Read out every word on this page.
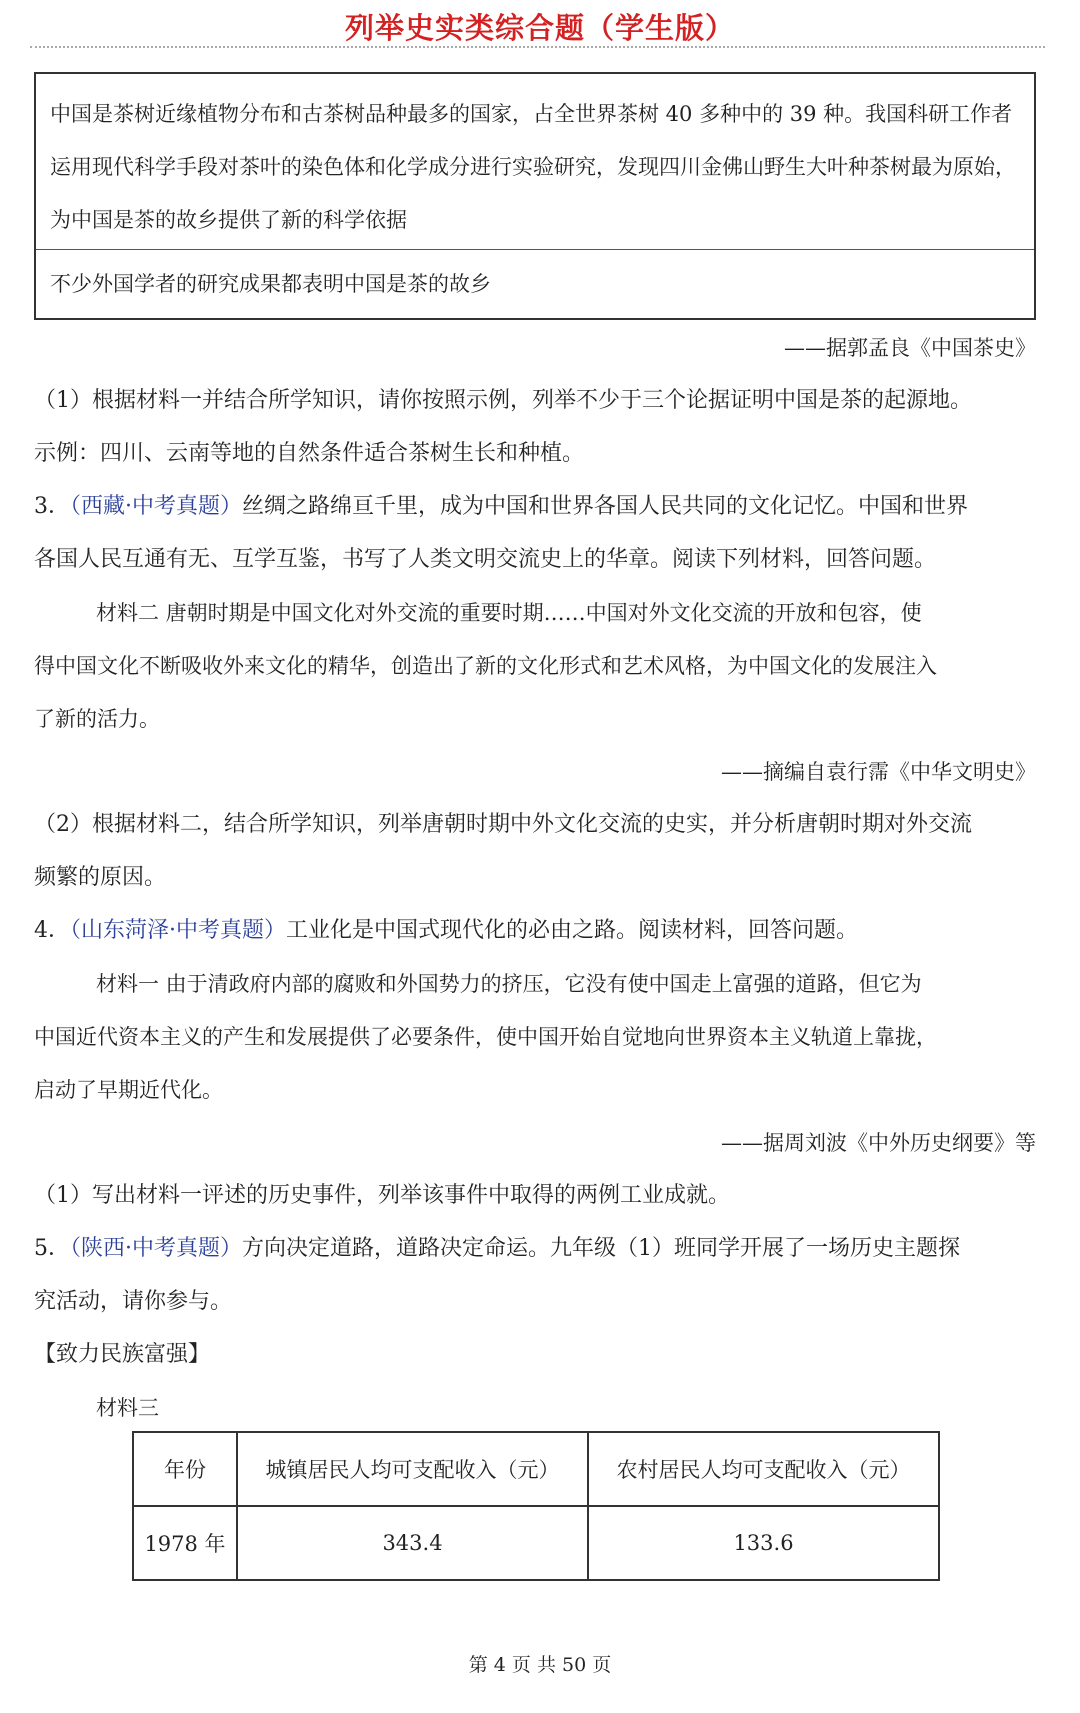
列举史实类综合题（学生版）
中国是茶树近缘植物分布和古茶树品种最多的国家，占全世界茶树 40 多种中的 39 种。我国科研工作者运用现代科学手段对茶叶的染色体和化学成分进行实验研究，发现四川金佛山野生大叶种茶树最为原始，为中国是茶的故乡提供了新的科学依据
不少外国学者的研究成果都表明中国是茶的故乡
——据郭孟良《中国茶史》
（1）根据材料一并结合所学知识，请你按照示例，列举不少于三个论据证明中国是茶的起源地。
示例：四川、云南等地的自然条件适合茶树生长和种植。
3．（西藏·中考真题）丝绸之路绵亘千里，成为中国和世界各国人民共同的文化记忆。中国和世界
各国人民互通有无、互学互鉴，书写了人类文明交流史上的华章。阅读下列材料，回答问题。
材料二 唐朝时期是中国文化对外交流的重要时期……中国对外文化交流的开放和包容，使
得中国文化不断吸收外来文化的精华，创造出了新的文化形式和艺术风格，为中国文化的发展注入
了新的活力。
——摘编自袁行霈《中华文明史》
（2）根据材料二，结合所学知识，列举唐朝时期中外文化交流的史实，并分析唐朝时期对外交流
频繁的原因。
4．（山东菏泽·中考真题）工业化是中国式现代化的必由之路。阅读材料，回答问题。
材料一 由于清政府内部的腐败和外国势力的挤压，它没有使中国走上富强的道路，但它为
中国近代资本主义的产生和发展提供了必要条件，使中国开始自觉地向世界资本主义轨道上靠拢，
启动了早期近代化。
——据周刘波《中外历史纲要》等
（1）写出材料一评述的历史事件，列举该事件中取得的两例工业成就。
5．（陕西·中考真题）方向决定道路，道路决定命运。九年级（1）班同学开展了一场历史主题探
究活动，请你参与。
【致力民族富强】
材料三
年份	城镇居民人均可支配收入（元）	农村居民人均可支配收入（元）
1978 年	343.4	133.6
第 4 页 共 50 页
